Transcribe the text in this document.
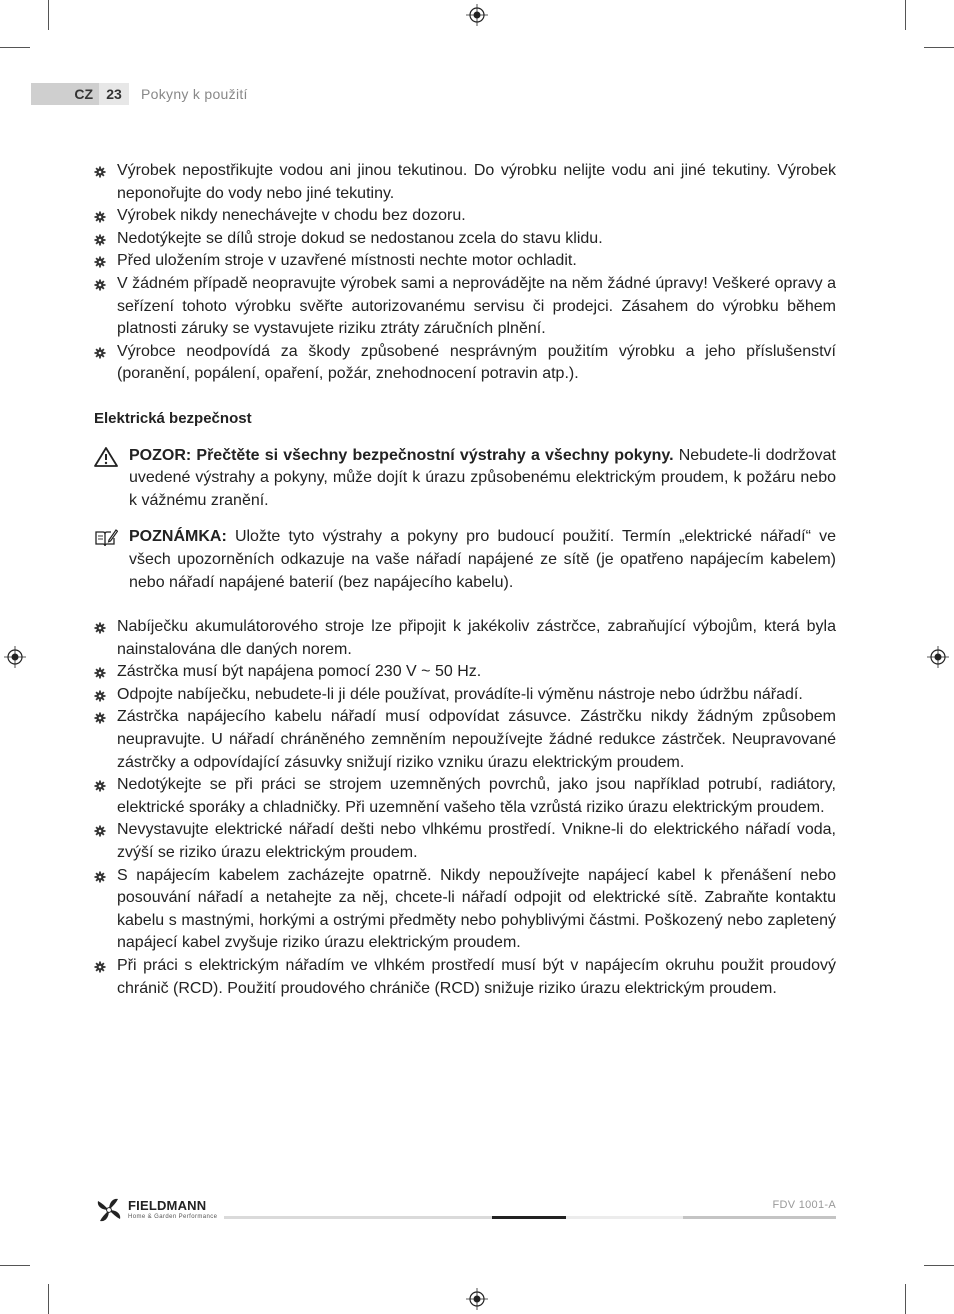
CZ 23	Pokyny k použití
Výrobek nepostřikujte vodou ani jinou tekutinou. Do výrobku nelijte vodu ani jiné tekutiny. Výrobek neponořujte do vody nebo jiné tekutiny.
Výrobek nikdy nenechávejte v chodu bez dozoru.
Nedotýkejte se dílů stroje dokud se nedostanou zcela do stavu klidu.
Před uložením stroje v uzavřené místnosti nechte motor ochladit.
V žádném případě neopravujte výrobek sami a neprovádějte na něm žádné úpravy! Veškeré opravy a seřízení tohoto výrobku svěřte autorizovanému servisu či prodejci. Zásahem do výrobku během platnosti záruky se vystavujete riziku ztráty záručních plnění.
Výrobce neodpovídá za škody způsobené nesprávným použitím výrobku a jeho příslušenství (poranění, popálení, opaření, požár, znehodnocení potravin atp.).
Elektrická bezpečnost
POZOR: Přečtěte si všechny bezpečnostní výstrahy a všechny pokyny. Nebudete-li dodržovat uvedené výstrahy a pokyny, může dojít k úrazu způsobenému elektrickým proudem, k požáru nebo k vážnému zranění.
POZNÁMKA: Uložte tyto výstrahy a pokyny pro budoucí použití. Termín „elektrické nářadí“ ve všech upozorněních odkazuje na vaše nářadí napájené ze sítě (je opatřeno napájecím kabelem) nebo nářadí napájené baterií (bez napájecího kabelu).
Nabíječku akumulátorového stroje lze připojit k jakékoliv zástrčce, zabraňující výbojům, která byla nainstalována dle daných norem.
Zástrčka musí být napájena pomocí 230 V ~ 50 Hz.
Odpojte nabíječku, nebudete-li ji déle používat, provádíte-li výměnu nástroje nebo údržbu nářadí.
Zástrčka napájecího kabelu nářadí musí odpovídat zásuvce. Zástrčku nikdy žádným způsobem neupravujte. U nářadí chráněného zemněním nepoužívejte žádné redukce zástrček. Neupravované zástrčky a odpovídající zásuvky snižují riziko vzniku úrazu elektrickým proudem.
Nedotýkejte se při práci se strojem uzemněných povrchů, jako jsou například potrubí, radiátory, elektrické sporáky a chladničky. Při uzemnění vašeho těla vzrůstá riziko úrazu elektrickým proudem.
Nevystavujte elektrické nářadí dešti nebo vlhkému prostředí. Vnikne-li do elektrického nářadí voda, zvýší se riziko úrazu elektrickým proudem.
S napájecím kabelem zacházejte opatrně. Nikdy nepoužívejte napájecí kabel k přenášení nebo posouvání nářadí a netahejte za něj, chcete-li nářadí odpojit od elektrické sítě. Zabraňte kontaktu kabelu s mastnými, horkými a ostrými předměty nebo pohyblivými částmi. Poškozený nebo zapletený napájecí kabel zvyšuje riziko úrazu elektrickým proudem.
Při práci s elektrickým nářadím ve vlhkém prostředí musí být v napájecím okruhu použit proudový chránič (RCD). Použití proudového chrániče (RCD) snižuje riziko úrazu elektrickým proudem.
FIELDMANN
Home & Garden Performance
FDV 1001-A
